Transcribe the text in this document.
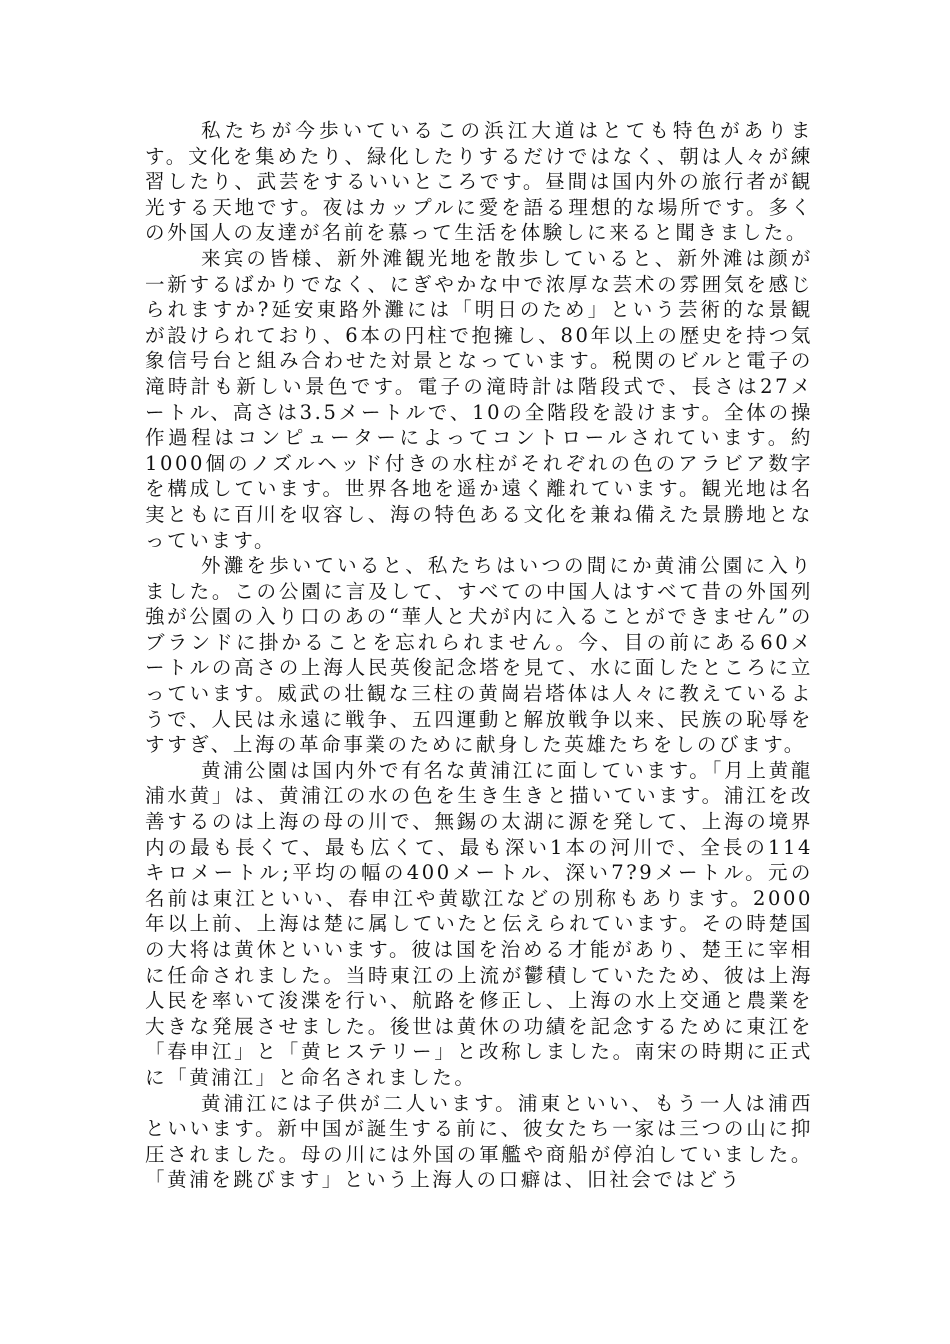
私たちが今歩いているこの浜江大道はとても特色があります。文化を集めたり、緑化したりするだけではなく、朝は人々が練習したり、武芸をするいいところです。昼間は国内外の旅行者が観光する天地です。夜はカップルに愛を語る理想的な場所です。多くの外国人の友達が名前を慕って生活を体験しに来ると聞きました。

来宾の皆様、新外滩観光地を散歩していると、新外滩は颜が一新するばかりでなく、にぎやかな中で浓厚な芸术の雰囲気を感じられますか?延安東路外灘には「明日のため」という芸術的な景観が設けられており、6本の円柱で抱擁し、80年以上の歴史を持つ気象信号台と組み合わせた対景となっています。税関のビルと電子の滝時計も新しい景色です。電子の滝時計は階段式で、長さは27メートル、高さは3.5メートルで、10の全階段を設けます。全体の操作過程はコンピューターによってコントロールされています。約1000個のノズルヘッド付きの水柱がそれぞれの色のアラビア数字を構成しています。世界各地を遥か遠く離れています。観光地は名実ともに百川を収容し、海の特色ある文化を兼ね備えた景勝地となっています。

外灘を歩いていると、私たちはいつの間にか黄浦公園に入りました。この公園に言及して、すべての中国人はすべて昔の外国列強が公園の入り口のあの“華人と犬が内に入ることができません”のブランドに掛かることを忘れられません。今、目の前にある60メートルの高さの上海人民英俊記念塔を見て、水に面したところに立っています。威武の壮観な三柱の黄崗岩塔体は人々に教えているようで、人民は永遠に戦争、五四運動と解放戦争以来、民族の恥辱をすすぎ、上海の革命事業のために献身した英雄たちをしのびます。

黄浦公園は国内外で有名な黄浦江に面しています。「月上黄龍浦水黄」は、黄浦江の水の色を生き生きと描いています。浦江を改善するのは上海の母の川で、無錫の太湖に源を発して、上海の境界内の最も長くて、最も広くて、最も深い1本の河川で、全長の114キロメートル;平均の幅の400メートル、深い7?9メートル。元の名前は東江といい、春申江や黄歇江などの別称もあります。2000年以上前、上海は楚に属していたと伝えられています。その時楚国の大将は黄休といいます。彼は国を治める才能があり、楚王に宰相に任命されました。当時東江の上流が鬱積していたため、彼は上海人民を率いて浚渫を行い、航路を修正し、上海の水上交通と農業を大きな発展させました。後世は黄休の功績を記念するために東江を「春申江」と「黄ヒステリー」と改称しました。南宋の時期に正式に「黄浦江」と命名されました。

黄浦江には子供が二人います。浦東といい、もう一人は浦西といいます。新中国が誕生する前に、彼女たち一家は三つの山に抑圧されました。母の川には外国の軍艦や商船が停泊していました。「黄浦を跳びます」という上海人の口癖は、旧社会ではどう
